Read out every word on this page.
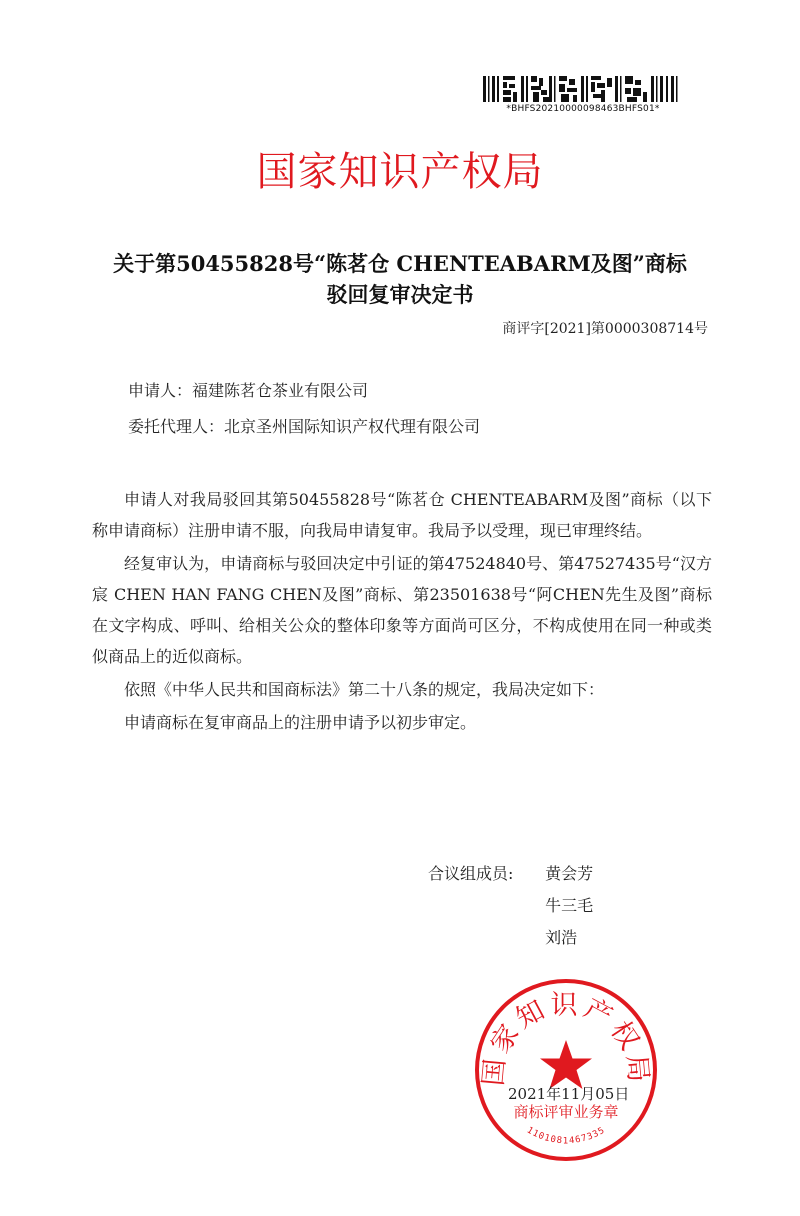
*BHFS20210000098463BHFS01*
国家知识产权局
关于第50455828号“陈茗仓 CHENTEABARM及图”商标
驳回复审决定书
商评字[2021]第0000308714号
申请人：福建陈茗仓茶业有限公司
委托代理人：北京圣州国际知识产权代理有限公司

申请人对我局驳回其第50455828号“陈茗仓 CHENTEABARM及图”商标（以下称申请商标）注册申请不服，向我局申请复审。我局予以受理，现已审理终结。

经复审认为，申请商标与驳回决定中引证的第47524840号、第47527435号“汉方宸 CHEN HAN FANG CHEN及图”商标、第23501638号“阿CHEN先生及图”商标在文字构成、呼叫、给相关公众的整体印象等方面尚可区分，不构成使用在同一种或类似商品上的近似商标。

依照《中华人民共和国商标法》第二十八条的规定，我局决定如下：

申请商标在复审商品上的注册申请予以初步审定。

合议组成员: 黄会芳
牛三毛
刘浩
国家知识产权局
商标评审业务章
1101081467335
2021年11月05日
